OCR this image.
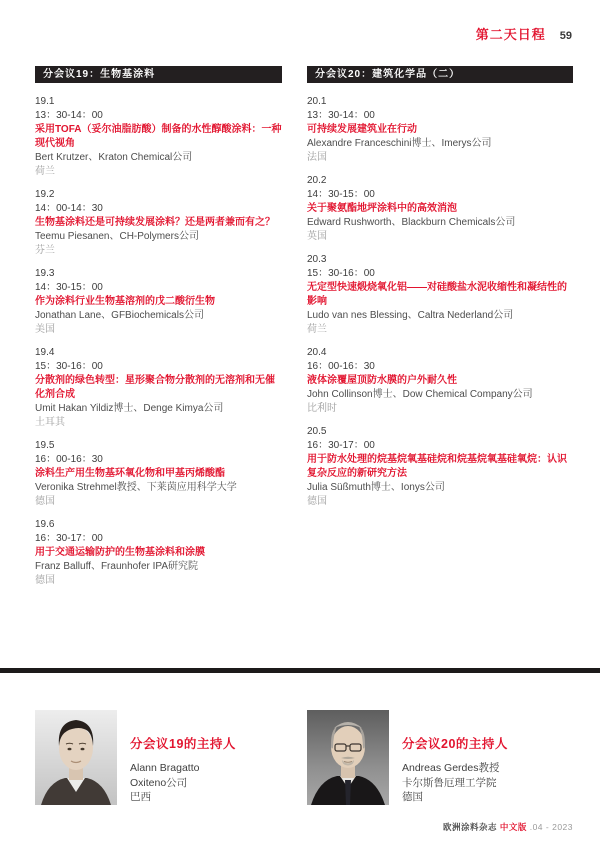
第二天日程 59
分会议19：生物基涂料
19.1
13：30-14：00
采用TOFA（妥尔油脂肪酸）制备的水性醇酸涂料：一种现代视角
Bert Krutzer、Kraton Chemical公司
荷兰
19.2
14：00-14：30
生物基涂料还是可持续发展涂料？还是两者兼而有之？
Teemu Piesanen、CH-Polymers公司
芬兰
19.3
14：30-15：00
作为涂料行业生物基溶剂的戊二酸衍生物
Jonathan Lane、GFBiochemicals公司
美国
19.4
15：30-16：00
分散剂的绿色转型：星形聚合物分散剂的无溶剂和无催化剂合成
Umit Hakan Yildiz博士、Denge Kimya公司
土耳其
19.5
16：00-16：30
涂料生产用生物基环氧化物和甲基丙烯酸酯
Veronika Strehmel教授、下莱茵应用科学大学
德国
19.6
16：30-17：00
用于交通运输防护的生物基涂料和涂膜
Franz Balluff、Fraunhofer IPA研究院
德国
分会议20：建筑化学品（二）
20.1
13：30-14：00
可持续发展建筑业在行动
Alexandre Franceschini博士、Imerys公司
法国
20.2
14：30-15：00
关于聚氨酯地坪涂料中的高效消泡
Edward Rushworth、Blackburn Chemicals公司
英国
20.3
15：30-16：00
无定型快速煅烧氧化铝——对硅酸盐水泥收缩性和凝结性的影响
Ludo van nes Blessing、Caltra Nederland公司
荷兰
20.4
16：00-16：30
液体涂覆屋顶防水膜的户外耐久性
John Collinson博士、Dow Chemical Company公司
比利时
20.5
16：30-17：00
用于防水处理的烷基烷氧基硅烷和烷基烷氧基硅氧烷：认识复杂反应的新研究方法
Julia Süßmuth博士、Ionys公司
德国
分会议19的主持人
Alann Bragatto
Oxiteno公司
巴西
分会议20的主持人
Andreas Gerdes教授
卡尔斯鲁厄理工学院
德国
欧洲涂料杂志 中文版 .04 - 2023
